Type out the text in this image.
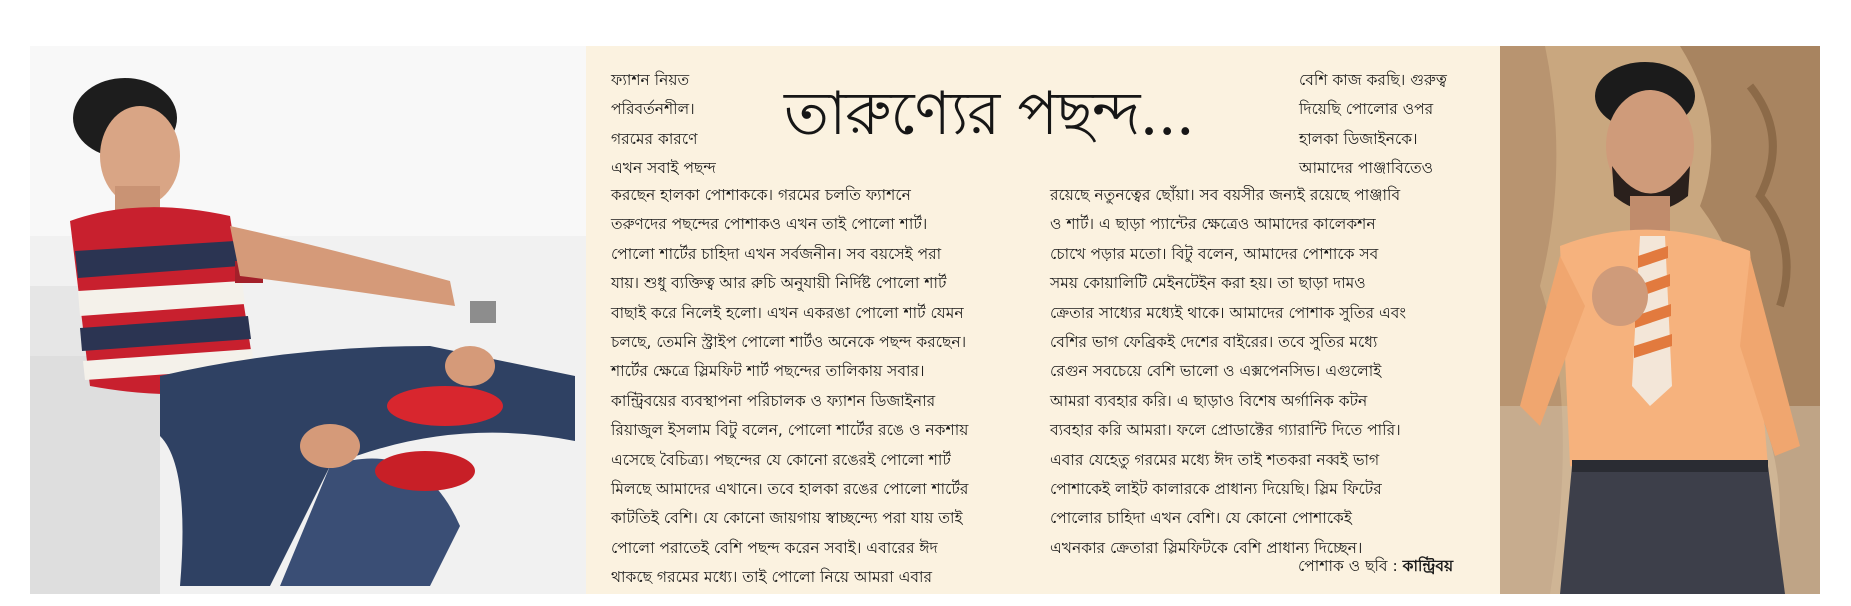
তারুণ্যের পছন্দ...
ফ্যাশন নিয়ত
পরিবর্তনশীল।
গরমের কারণে
এখন সবাই পছন্দ
করছেন হালকা পোশাককে। গরমের চলতি ফ্যাশনে
তরুণদের পছন্দের পোশাকও এখন তাই পোলো শার্ট।
পোলো শার্টের চাহিদা এখন সর্বজনীন। সব বয়সেই পরা
যায়। শুধু ব্যক্তিত্ব আর রুচি অনুযায়ী নির্দিষ্ট পোলো শার্ট
বাছাই করে নিলেই হলো। এখন একরঙা পোলো শার্ট যেমন
চলছে, তেমনি স্ট্রাইপ পোলো শার্টও অনেকে পছন্দ করছেন।
শার্টের ক্ষেত্রে স্লিমফিট শার্ট পছন্দের তালিকায় সবার।
কান্ট্রিবয়ের ব্যবস্থাপনা পরিচালক ও ফ্যাশন ডিজাইনার
রিয়াজুল ইসলাম বিটু বলেন, পোলো শার্টের রঙে ও নকশায়
এসেছে বৈচিত্র্য। পছন্দের যে কোনো রঙেরই পোলো শার্ট
মিলছে আমাদের এখানে। তবে হালকা রঙের পোলো শার্টের
কাটতিই বেশি। যে কোনো জায়গায় স্বাচ্ছন্দ্যে পরা যায় তাই
পোলো পরাতেই বেশি পছন্দ করেন সবাই। এবারের ঈদ
থাকছে গরমের মধ্যে। তাই পোলো নিয়ে আমরা এবার
বেশি কাজ করছি। গুরুত্ব
দিয়েছি পোলোর ওপর
হালকা ডিজাইনকে।
আমাদের পাঞ্জাবিতেও
রয়েছে নতুনত্বের ছোঁয়া। সব বয়সীর জন্যই রয়েছে পাঞ্জাবি
ও শার্ট। এ ছাড়া প্যান্টের ক্ষেত্রেও আমাদের কালেকশন
চোখে পড়ার মতো। বিটু বলেন, আমাদের পোশাকে সব
সময় কোয়ালিটি মেইনটেইন করা হয়। তা ছাড়া দামও
ক্রেতার সাধ্যের মধ্যেই থাকে। আমাদের পোশাক সুতির এবং
বেশির ভাগ ফেব্রিকই দেশের বাইরের। তবে সুতির মধ্যে
রেগুন সবচেয়ে বেশি ভালো ও এক্সপেনসিভ। এগুলোই
আমরা ব্যবহার করি। এ ছাড়াও বিশেষ অর্গানিক কটন
ব্যবহার করি আমরা। ফলে প্রোডাক্টের গ্যারান্টি দিতে পারি।
এবার যেহেতু গরমের মধ্যে ঈদ তাই শতকরা নব্বই ভাগ
পোশাকেই লাইট কালারকে প্রাধান্য দিয়েছি। স্লিম ফিটের
পোলোর চাহিদা এখন বেশি। যে কোনো পোশাকেই
এখনকার ক্রেতারা স্লিমফিটকে বেশি প্রাধান্য দিচ্ছেন।
পোশাক ও ছবি : কান্ট্রিবয়
